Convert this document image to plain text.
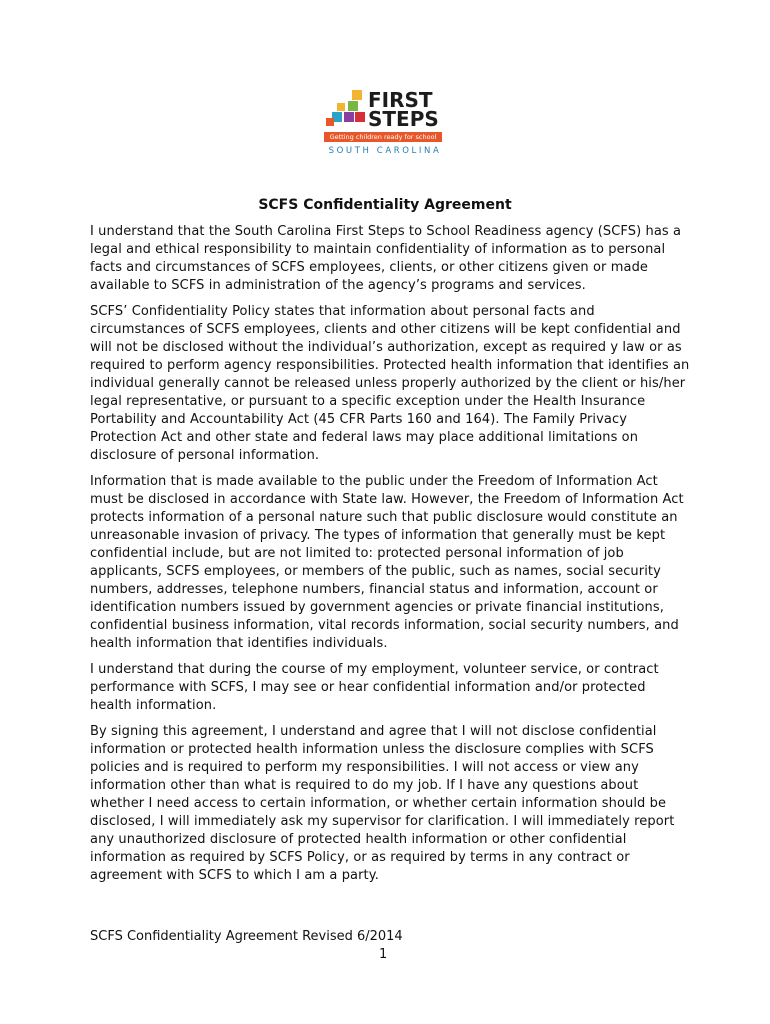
FIRST
STEPS
Getting children ready for school
SOUTH CAROLINA
SCFS Confidentiality Agreement

I understand that the South Carolina First Steps to School Readiness agency (SCFS) has a legal and ethical responsibility to maintain confidentiality of information as to personal facts and circumstances of SCFS employees, clients, or other citizens given or made available to SCFS in administration of the agency’s programs and services.

SCFS’ Confidentiality Policy states that information about personal facts and circumstances of SCFS employees, clients and other citizens will be kept confidential and will not be disclosed without the individual’s authorization, except as required y law or as required to perform agency responsibilities. Protected health information that identifies an individual generally cannot be released unless properly authorized by the client or his/her legal representative, or pursuant to a specific exception under the Health Insurance Portability and Accountability Act (45 CFR Parts 160 and 164). The Family Privacy Protection Act and other state and federal laws may place additional limitations on disclosure of personal information.

Information that is made available to the public under the Freedom of Information Act must be disclosed in accordance with State law. However, the Freedom of Information Act protects information of a personal nature such that public disclosure would constitute an unreasonable invasion of privacy. The types of information that generally must be kept confidential include, but are not limited to: protected personal information of job applicants, SCFS employees, or members of the public, such as names, social security numbers, addresses, telephone numbers, financial status and information, account or identification numbers issued by government agencies or private financial institutions, confidential business information, vital records information, social security numbers, and health information that identifies individuals.

I understand that during the course of my employment, volunteer service, or contract performance with SCFS, I may see or hear confidential information and/or protected health information.

By signing this agreement, I understand and agree that I will not disclose confidential information or protected health information unless the disclosure complies with SCFS policies and is required to perform my responsibilities. I will not access or view any information other than what is required to do my job. If I have any questions about whether I need access to certain information, or whether certain information should be disclosed, I will immediately ask my supervisor for clarification. I will immediately report any unauthorized disclosure of protected health information or other confidential information as required by SCFS Policy, or as required by terms in any contract or agreement with SCFS to which I am a party.

SCFS Confidentiality Agreement Revised 6/2014
1
